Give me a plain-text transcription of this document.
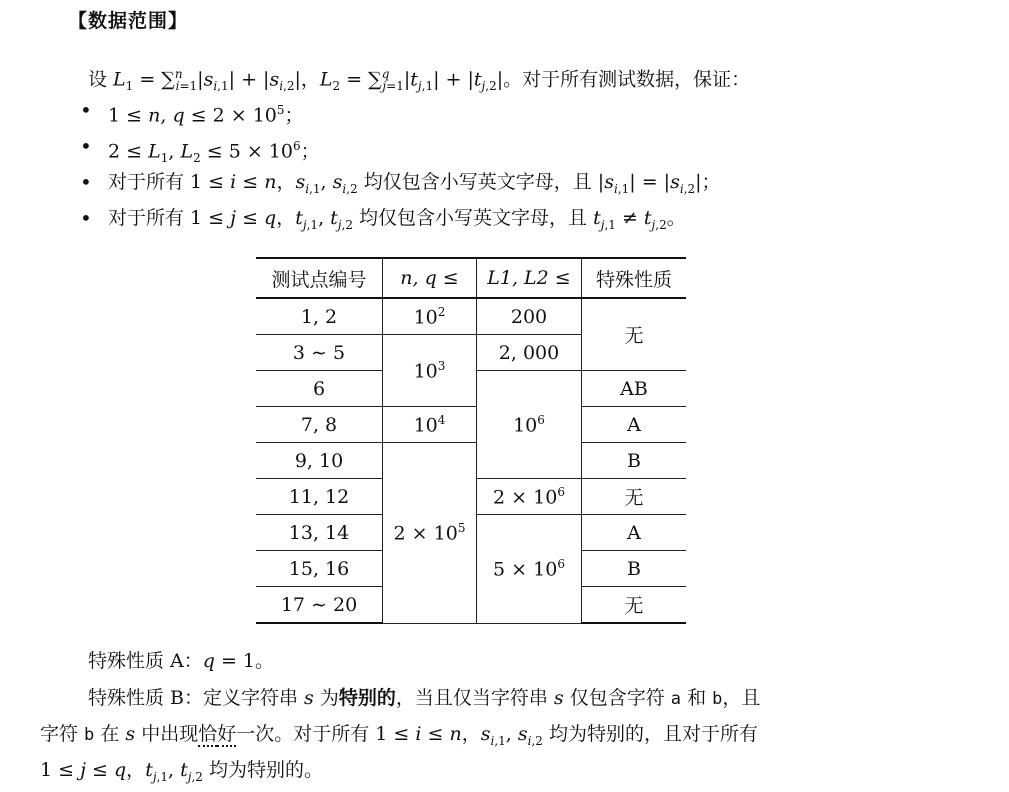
【数据范围】
设 $L_1 = \sum^n_{i=1}|s_{i,1}| + |s_{i,2}|$，$L_2 = \sum^q_{j=1}|t_{j,1}| + |t_{j,2}|$。对于所有测试数据，保证：
• 1 ≤ n, $q \le 2 \times 10^5$；
• $2 \le L_1$, $L_2 \le 5 \times 10^6$；
• 对于所有 1 ≤ i ≤ n，$s_{i,1}$, $s_{i,2}$ 均仅包含小写英文字母，且 $|s_{i,1}| = |s_{i,2}|$；
• 对于所有 1 ≤ j ≤ q，$t_{j,1}$, $t_{j,2}$ 均仅包含小写英文字母，且 $t_{j,1} \ne t_{j,2}$。
测试点编号	n, q ≤	L1, L2 ≤	特殊性质
1, 2	$10^2$	200	无
3 ∼ 5	$10^3$	2, 000	
6		$10^6$	AB
7, 8	$10^4$		A
9, 10	$2 \times 10^5$		B
11, 12		$2 \times 10^6$	无
13, 14		$5 \times 10^6$	A
15, 16			B
17 ∼ 20			无
特殊性质 A：q = 1。
特殊性质 B：定义字符串 s 为特别的，当且仅当字符串 s 仅包含字符 a 和 b，且
字符 b 在 s 中出现恰好一次。对于所有 1 ≤ i ≤ n，$s_{i,1}$, $s_{i,2}$ 均为特别的，且对于所有
1 ≤ j ≤ q，$t_{j,1}$, $t_{j,2}$ 均为特别的。
